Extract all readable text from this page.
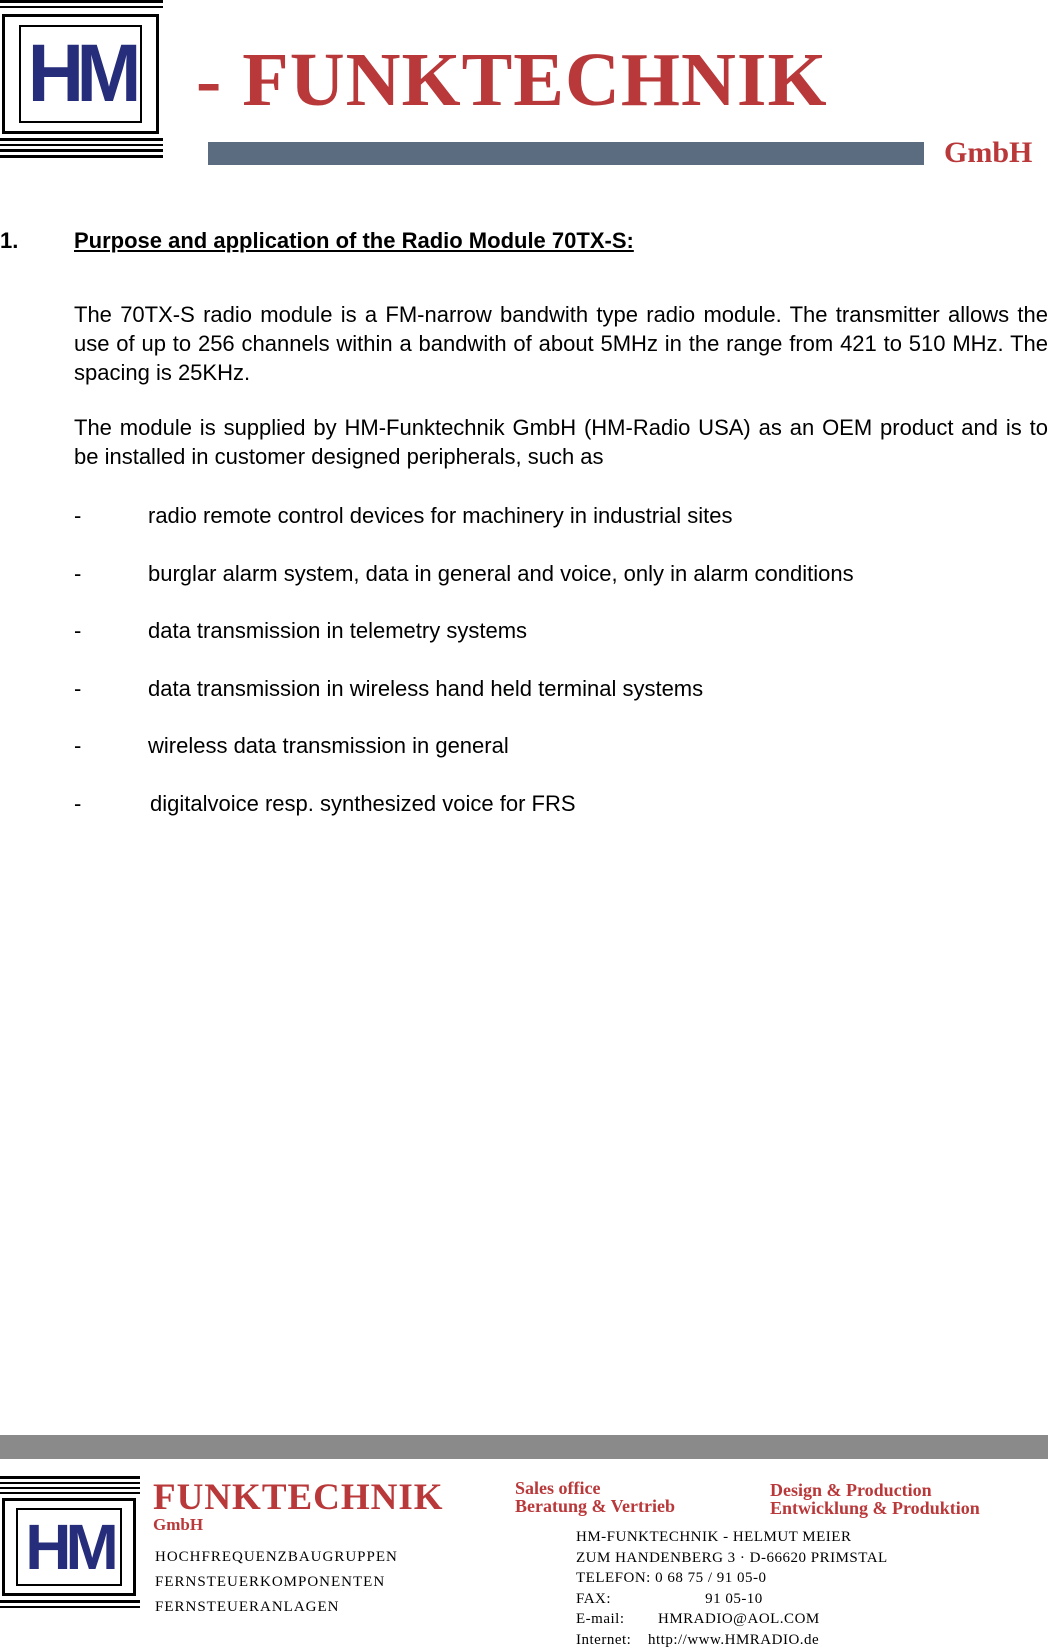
HM - FUNKTECHNIK
GmbH
1.	Purpose and application of the Radio Module 70TX-S:
The 70TX-S radio module is a FM-narrow bandwith type radio module. The transmitter allows the use of up to 256 channels within a bandwith of about 5MHz in the range from 421 to 510 MHz. The spacing is 25KHz.
The module is supplied by HM-Funktechnik GmbH (HM-Radio USA) as an OEM product and is to be installed in customer designed peripherals, such as
-	radio remote control devices for machinery in industrial sites
-	burglar alarm system, data in general and voice, only in alarm conditions
-	data transmission in telemetry systems
-	data transmission in wireless hand held terminal systems
-	wireless data transmission in general
-	digitalvoice resp. synthesized voice for FRS
HM
FUNKTECHNIK
GmbH
HOCHFREQUENZBAUGRUPPEN
FERNSTEUERKOMPONENTEN
FERNSTEUERANLAGEN
Sales office
Beratung & Vertrieb
Design & Production
Entwicklung & Produktion
HM-FUNKTECHNIK - HELMUT MEIER
ZUM HANDENBERG 3 · D-66620 PRIMSTAL
TELEFON: 0 68 75 / 91 05-0
FAX:	91 05-10
E-mail: HMRADIO@AOL.COM
Internet: http://www.HMRADIO.de
